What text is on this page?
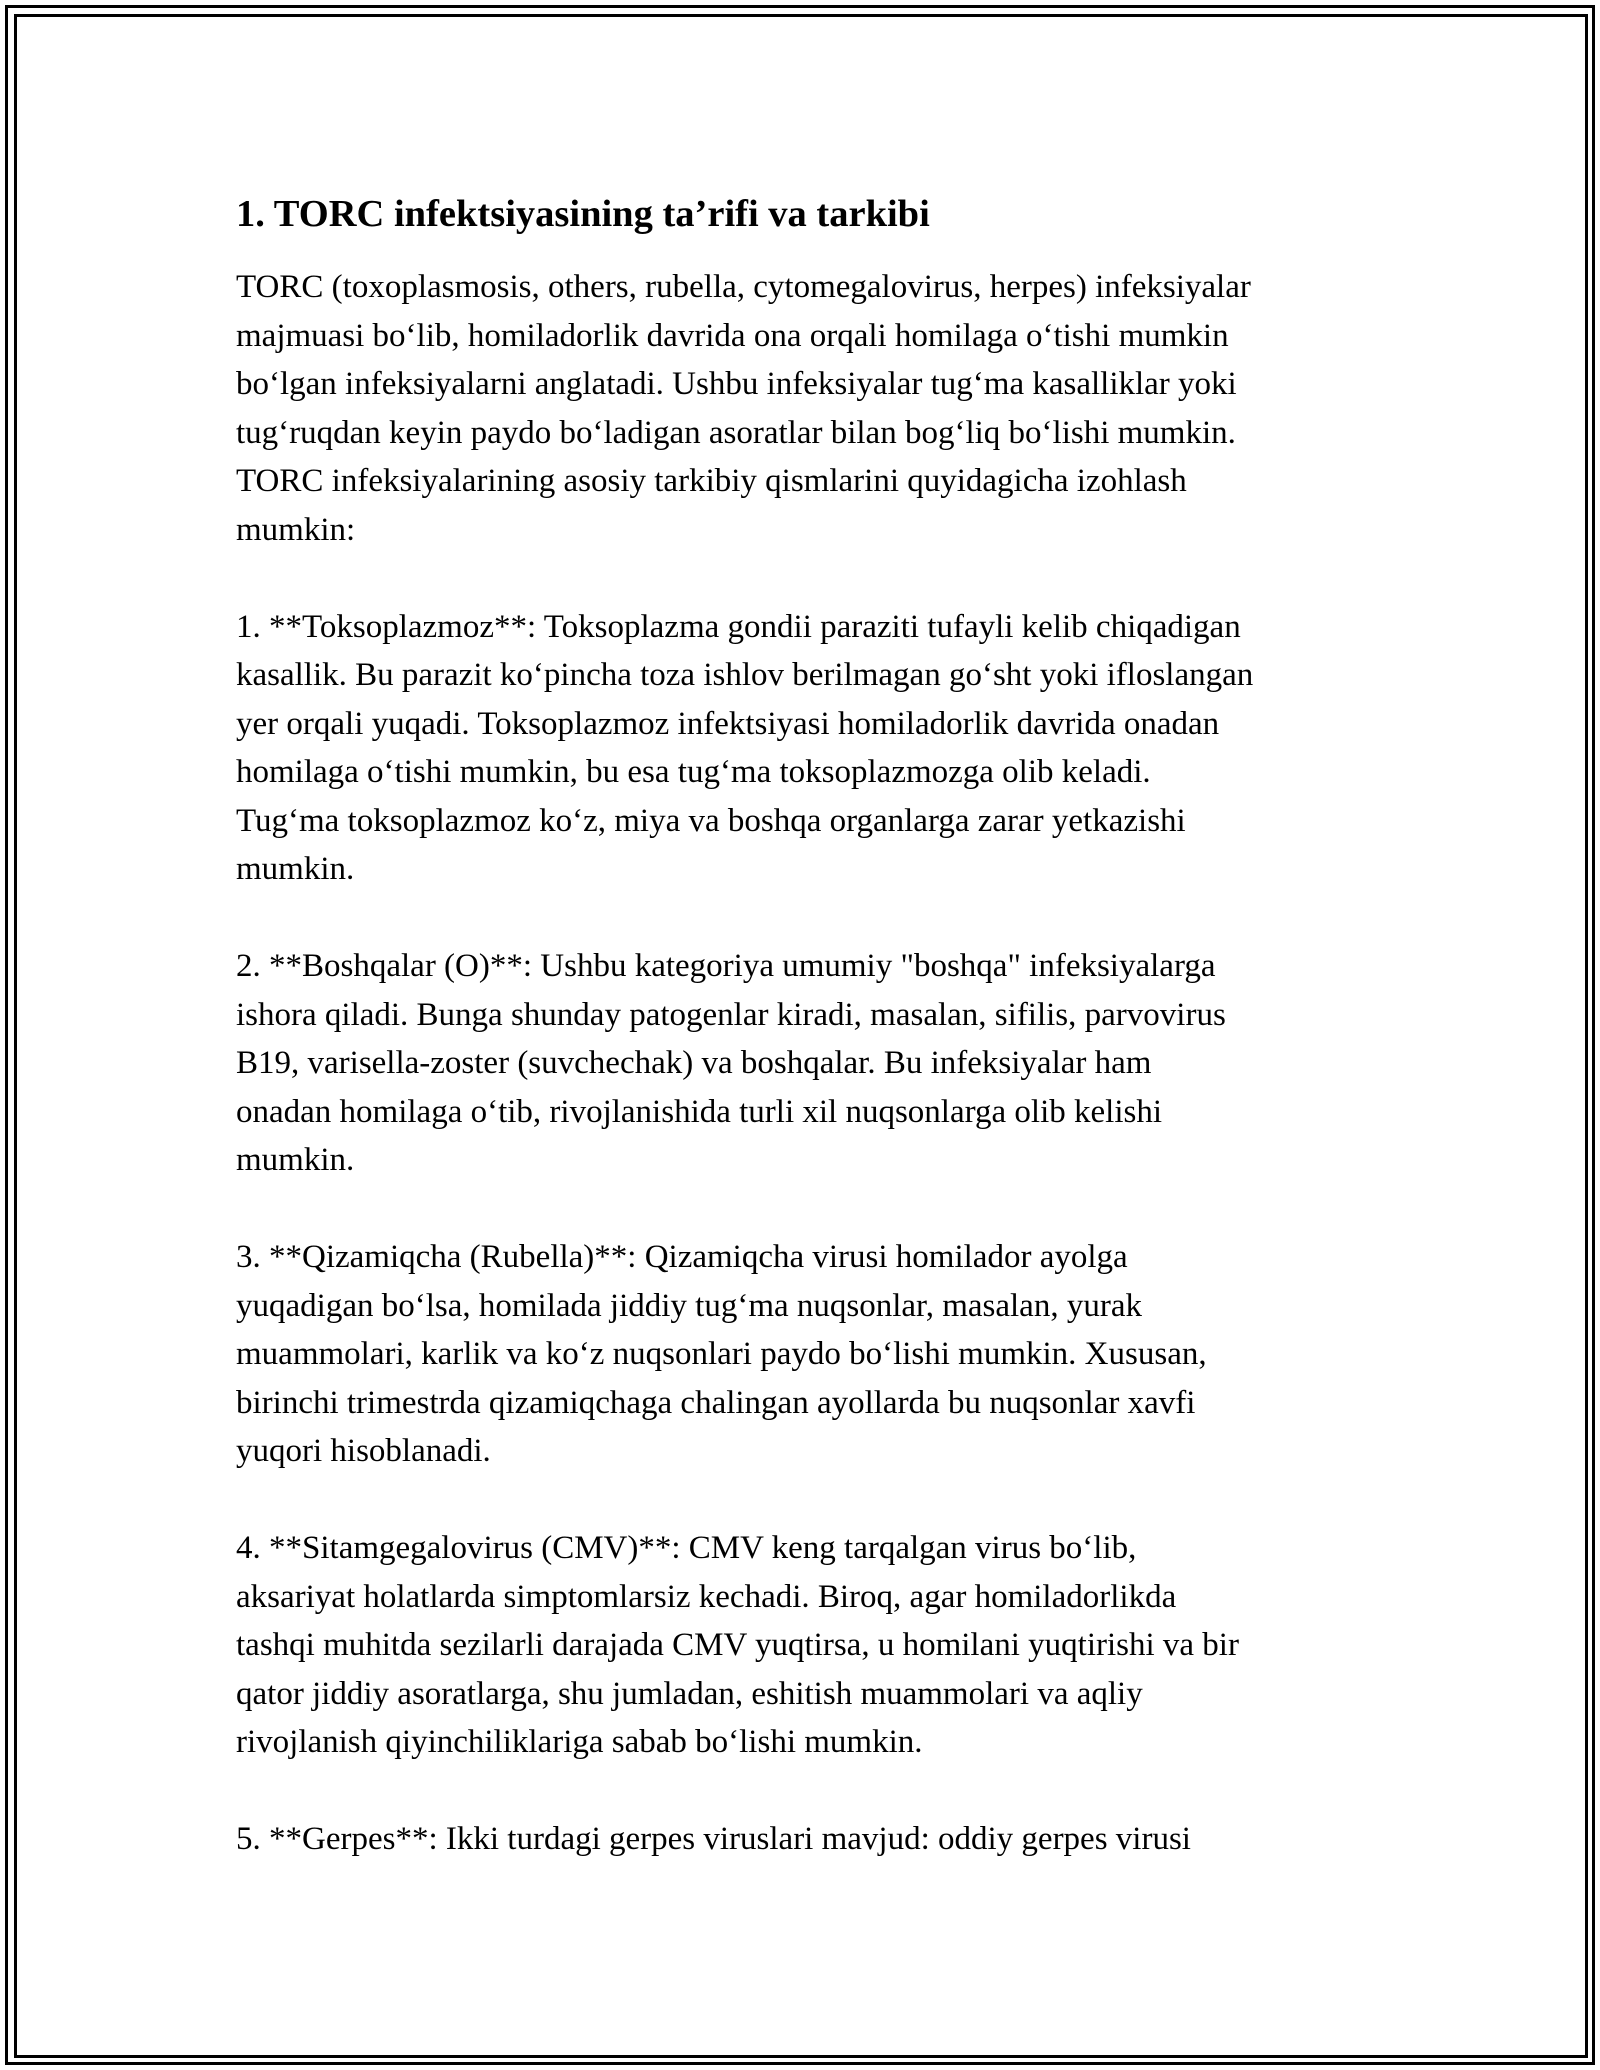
1. TORC infektsiyasining ta’rifi va tarkibi

TORC (toxoplasmosis, others, rubella, cytomegalovirus, herpes) infeksiyalar
majmuasi bo‘lib, homiladorlik davrida ona orqali homilaga o‘tishi mumkin
bo‘lgan infeksiyalarni anglatadi. Ushbu infeksiyalar tug‘ma kasalliklar yoki
tug‘ruqdan keyin paydo bo‘ladigan asoratlar bilan bog‘liq bo‘lishi mumkin.
TORC infeksiyalarining asosiy tarkibiy qismlarini quyidagicha izohlash
mumkin:

1. **Toksoplazmoz**: Toksoplazma gondii paraziti tufayli kelib chiqadigan
kasallik. Bu parazit ko‘pincha toza ishlov berilmagan go‘sht yoki ifloslangan
yer orqali yuqadi. Toksoplazmoz infektsiyasi homiladorlik davrida onadan
homilaga o‘tishi mumkin, bu esa tug‘ma toksoplazmozga olib keladi.
Tug‘ma toksoplazmoz ko‘z, miya va boshqa organlarga zarar yetkazishi
mumkin.

2. **Boshqalar (O)**: Ushbu kategoriya umumiy "boshqa" infeksiyalarga
ishora qiladi. Bunga shunday patogenlar kiradi, masalan, sifilis, parvovirus
B19, varisella-zoster (suvchechak) va boshqalar. Bu infeksiyalar ham
onadan homilaga o‘tib, rivojlanishida turli xil nuqsonlarga olib kelishi
mumkin.

3. **Qizamiqcha (Rubella)**: Qizamiqcha virusi homilador ayolga
yuqadigan bo‘lsa, homilada jiddiy tug‘ma nuqsonlar, masalan, yurak
muammolari, karlik va ko‘z nuqsonlari paydo bo‘lishi mumkin. Xususan,
birinchi trimestrda qizamiqchaga chalingan ayollarda bu nuqsonlar xavfi
yuqori hisoblanadi.

4. **Sitamgegalovirus (CMV)**: CMV keng tarqalgan virus bo‘lib,
aksariyat holatlarda simptomlarsiz kechadi. Biroq, agar homiladorlikda
tashqi muhitda sezilarli darajada CMV yuqtirsa, u homilani yuqtirishi va bir
qator jiddiy asoratlarga, shu jumladan, eshitish muammolari va aqliy
rivojlanish qiyinchiliklariga sabab bo‘lishi mumkin.

5. **Gerpes**: Ikki turdagi gerpes viruslari mavjud: oddiy gerpes virusi
